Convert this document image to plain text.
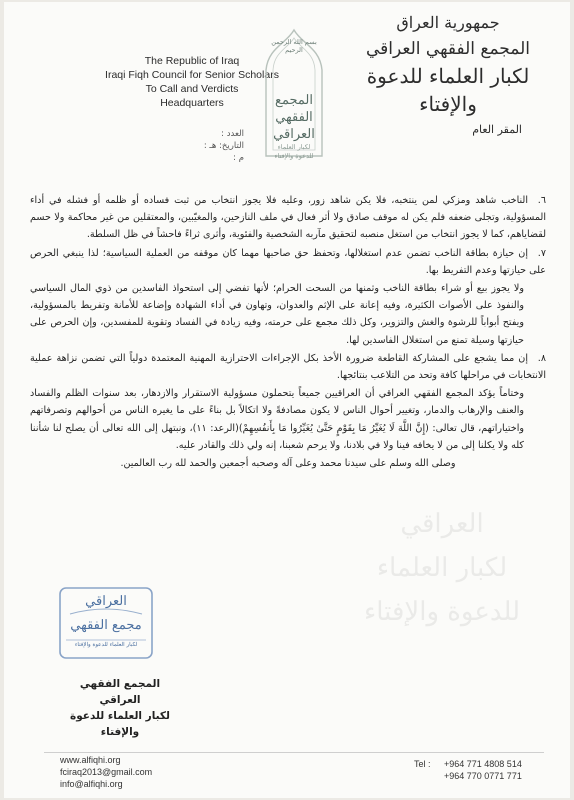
العراقي
لكبار العلماء
للدعوة والإفتاء
The Republic of Iraq
Iraqi Fiqh Council for Senior Scholars
To Call and Verdicts
Headquarters
بسم الله الرحمن الرحيم
المجمع
الفقهي
العراقي
لكبار العلماء
للدعوة والإفتاء
جمهورية العراق
المجمع الفقهي العراقي
لكبار العلماء للدعوة والإفتاء
المقر العام
العدد :
التاريخ: هـ :
م :

٦.الناخب شاهد ومزكي لمن ينتخبه، فلا يكن شاهد زور، وعليه فلا يجوز انتخاب من ثبت فساده أو ظلمه أو فشله في أداء المسؤولية، وتجلى ضعفه فلم يكن له موقف صادق ولا أثر فعال في ملف النازحين، والمغيّبين، والمعتقلين من غير محاكمة ولا حسم لقضاياهم، كما لا يجوز انتخاب من استغل منصبه لتحقيق مآربه الشخصية والفئوية، وأثرى ثراءً فاحشاً في ظل السلطة.

٧.إن حيازة بطاقة الناخب تضمن عدم استغلالها، وتحفظ حق صاحبها مهما كان موقفه من العملية السياسية؛ لذا ينبغي الحرص على حيازتها وعدم التفريط بها.

ولا يجوز بيع أو شراء بطاقة الناخب وثمنها من السحت الحرام؛ لأنها تفضي إلى استحواذ الفاسدين من ذوي المال السياسي والنفوذ على الأصوات الكثيرة، وفيه إعانة على الإثم والعدوان، وتهاون في أداء الشهادة وإضاعة للأمانة وتفريط بالمسؤولية، ويفتح أبواباً للرشوة والغش والتزوير، وكل ذلك مجمع على حرمته، وفيه زيادة في الفساد وتقوية للمفسدين، وإن الحرص على حيازتها وسيلة تمنع من استغلال الفاسدين لها.

٨.إن مما يشجع على المشاركة القاطعة ضرورة الأخذ بكل الإجراءات الاحترازية المهنية المعتمدة دولياً التي تضمن نزاهة عملية الانتخابات في مراحلها كافة وتحد من التلاعب بنتائجها.

وختاماً يؤكد المجمع الفقهي العراقي أن العراقيين جميعاً يتحملون مسؤولية الاستقرار والازدهار، بعد سنوات الظلم والفساد والعنف والإرهاب والدمار، وتغيير أحوال الناس لا يكون مصادفةً ولا اتكالاً بل بناءً على ما يغيره الناس من أحوالهم وتصرفاتهم واختياراتهم، قال تعالى: (إِنَّ اللَّهَ لَا يُغَيِّرُ مَا بِقَوْمٍ حَتَّىٰ يُغَيِّرُوا مَا بِأَنفُسِهِمْ)(الرعد: ١١)، ونبتهل إلى الله تعالى أن يصلح لنا شأننا كله ولا يكلنا إلى من لا يخافه فينا ولا في بلادنا، ولا يرحم شعبنا، إنه ولي ذلك والقادر عليه.

وصلى الله وسلم على سيدنا محمد وعلى آله وصحبه أجمعين والحمد لله رب العالمين.

العراقي
مجمع الفقهي
لكبار العلماء للدعوة والإفتاء
المجمع الفقهي العراقي
لكبار العلماء للدعوة والإفتاء
www.alfiqhi.org
fciraq2013@gmail.com
info@alfiqhi.org
Tel : +964 771 4808 514
+964 770 0771 771
